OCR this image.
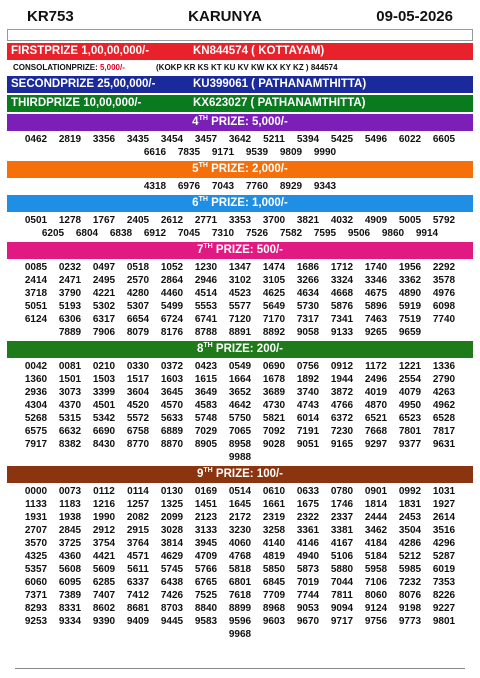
KR753	KARUNYA	09-05-2026
FIRSTPRIZE 1,00,00,000/-	KN844574 ( KOTTAYAM)
CONSOLATIONPRIZE: 5,000/-	(KOKP KR KS KT KU KV KW KX KY KZ ) 844574
SECONDPRIZE 25,00,000/-	KU399061 ( PATHANAMTHITTA)
THIRDPRIZE 10,00,000/-	KX623027 ( PATHANAMTHITTA)
4TH PRIZE: 5,000/-
0462	2819	3356	3435	3454	3457	3642	5211	5394	5425	5496	6022	6605
6616	7835	9171	9539	9809	9990
5TH PRIZE: 2,000/-
4318	6976	7043	7760	8929	9343
6TH PRIZE: 1,000/-
0501	1278	1767	2405	2612	2771	3353	3700	3821	4032	4909	5005	5792
6205	6804	6838	6912	7045	7310	7526	7582	7595	9506	9860	9914
7TH PRIZE: 500/-
0085	0232	0497	0518	1052	1230	1347	1474	1686	1712	1740	1956	2292
2414	2471	2495	2570	2864	2946	3102	3105	3266	3324	3346	3362	3578
3718	3790	4221	4280	4460	4514	4523	4625	4634	4668	4675	4890	4976
5051	5193	5302	5307	5499	5553	5577	5649	5730	5876	5896	5919	6098
6124	6306	6317	6654	6724	6741	7120	7170	7317	7341	7463	7519	7740
7889	7906	8079	8176	8788	8891	8892	9058	9133	9265	9659
8TH PRIZE: 200/-
0042	0081	0210	0330	0372	0423	0549	0690	0756	0912	1172	1221	1336
1360	1501	1503	1517	1603	1615	1664	1678	1892	1944	2496	2554	2790
2936	3073	3399	3604	3645	3649	3652	3689	3740	3872	4019	4079	4263
4304	4370	4501	4520	4570	4583	4642	4730	4743	4766	4870	4950	4962
5268	5315	5342	5572	5633	5748	5750	5821	6014	6372	6521	6523	6528
6575	6632	6690	6758	6889	7029	7065	7092	7191	7230	7668	7801	7817
7917	8382	8430	8770	8870	8905	8958	9028	9051	9165	9297	9377	9631
9988
9TH PRIZE: 100/-
0000	0073	0112	0114	0130	0169	0514	0610	0633	0780	0901	0992	1031
1133	1183	1216	1257	1325	1451	1645	1661	1675	1746	1814	1831	1927
1931	1938	1990	2082	2099	2123	2172	2319	2322	2337	2444	2453	2614
2707	2845	2912	2915	3028	3133	3230	3258	3361	3381	3462	3504	3516
3570	3725	3754	3764	3814	3945	4060	4140	4146	4167	4184	4286	4296
4325	4360	4421	4571	4629	4709	4768	4819	4940	5106	5184	5212	5287
5357	5608	5609	5611	5745	5766	5818	5850	5873	5880	5958	5985	6019
6060	6095	6285	6337	6438	6765	6801	6845	7019	7044	7106	7232	7353
7371	7389	7407	7412	7426	7525	7618	7709	7744	7811	8060	8076	8226
8293	8331	8602	8681	8703	8840	8899	8968	9053	9094	9124	9198	9227
9253	9334	9390	9409	9445	9583	9596	9603	9670	9717	9756	9773	9801
9968
